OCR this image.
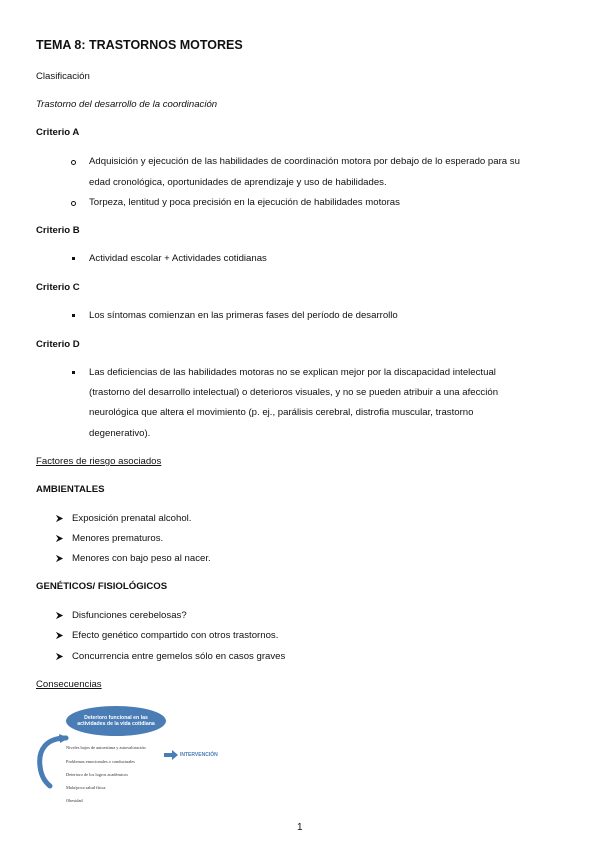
TEMA 8: TRASTORNOS MOTORES
Clasificación
Trastorno del desarrollo de la coordinación
Criterio A
Adquisición y ejecución de las habilidades de coordinación motora por debajo de lo esperado para su
edad cronológica, oportunidades de aprendizaje y uso de habilidades.
Torpeza, lentitud y poca precisión en la ejecución de habilidades motoras
Criterio B
Actividad escolar + Actividades cotidianas
Criterio C
Los síntomas comienzan en las primeras fases del período de desarrollo
Criterio D
Las deficiencias de las habilidades motoras no se explican mejor por la discapacidad intelectual
(trastorno del desarrollo intelectual) o deterioros visuales, y no se pueden atribuir a una afección
neurológica que altera el movimiento (p. ej., parálisis cerebral, distrofia muscular, trastorno
degenerativo).
Factores de riesgo asociados
AMBIENTALES
Exposición prenatal alcohol.
Menores prematuros.
Menores con bajo peso al nacer.
GENÉTICOS/ FISIOLÓGICOS
Disfunciones cerebelosas?
Efecto genético compartido con otros trastornos.
Concurrencia entre gemelos sólo en casos graves
Consecuencias
Deterioro funcional en las actividades de la vida cotidiana
Niveles bajos de autoestima y autovaloración
Problemas emocionales o conductuales
Deterioro de los logros académicos
Mala/poca salud física
Obesidad
INTERVENCIÓN
1
